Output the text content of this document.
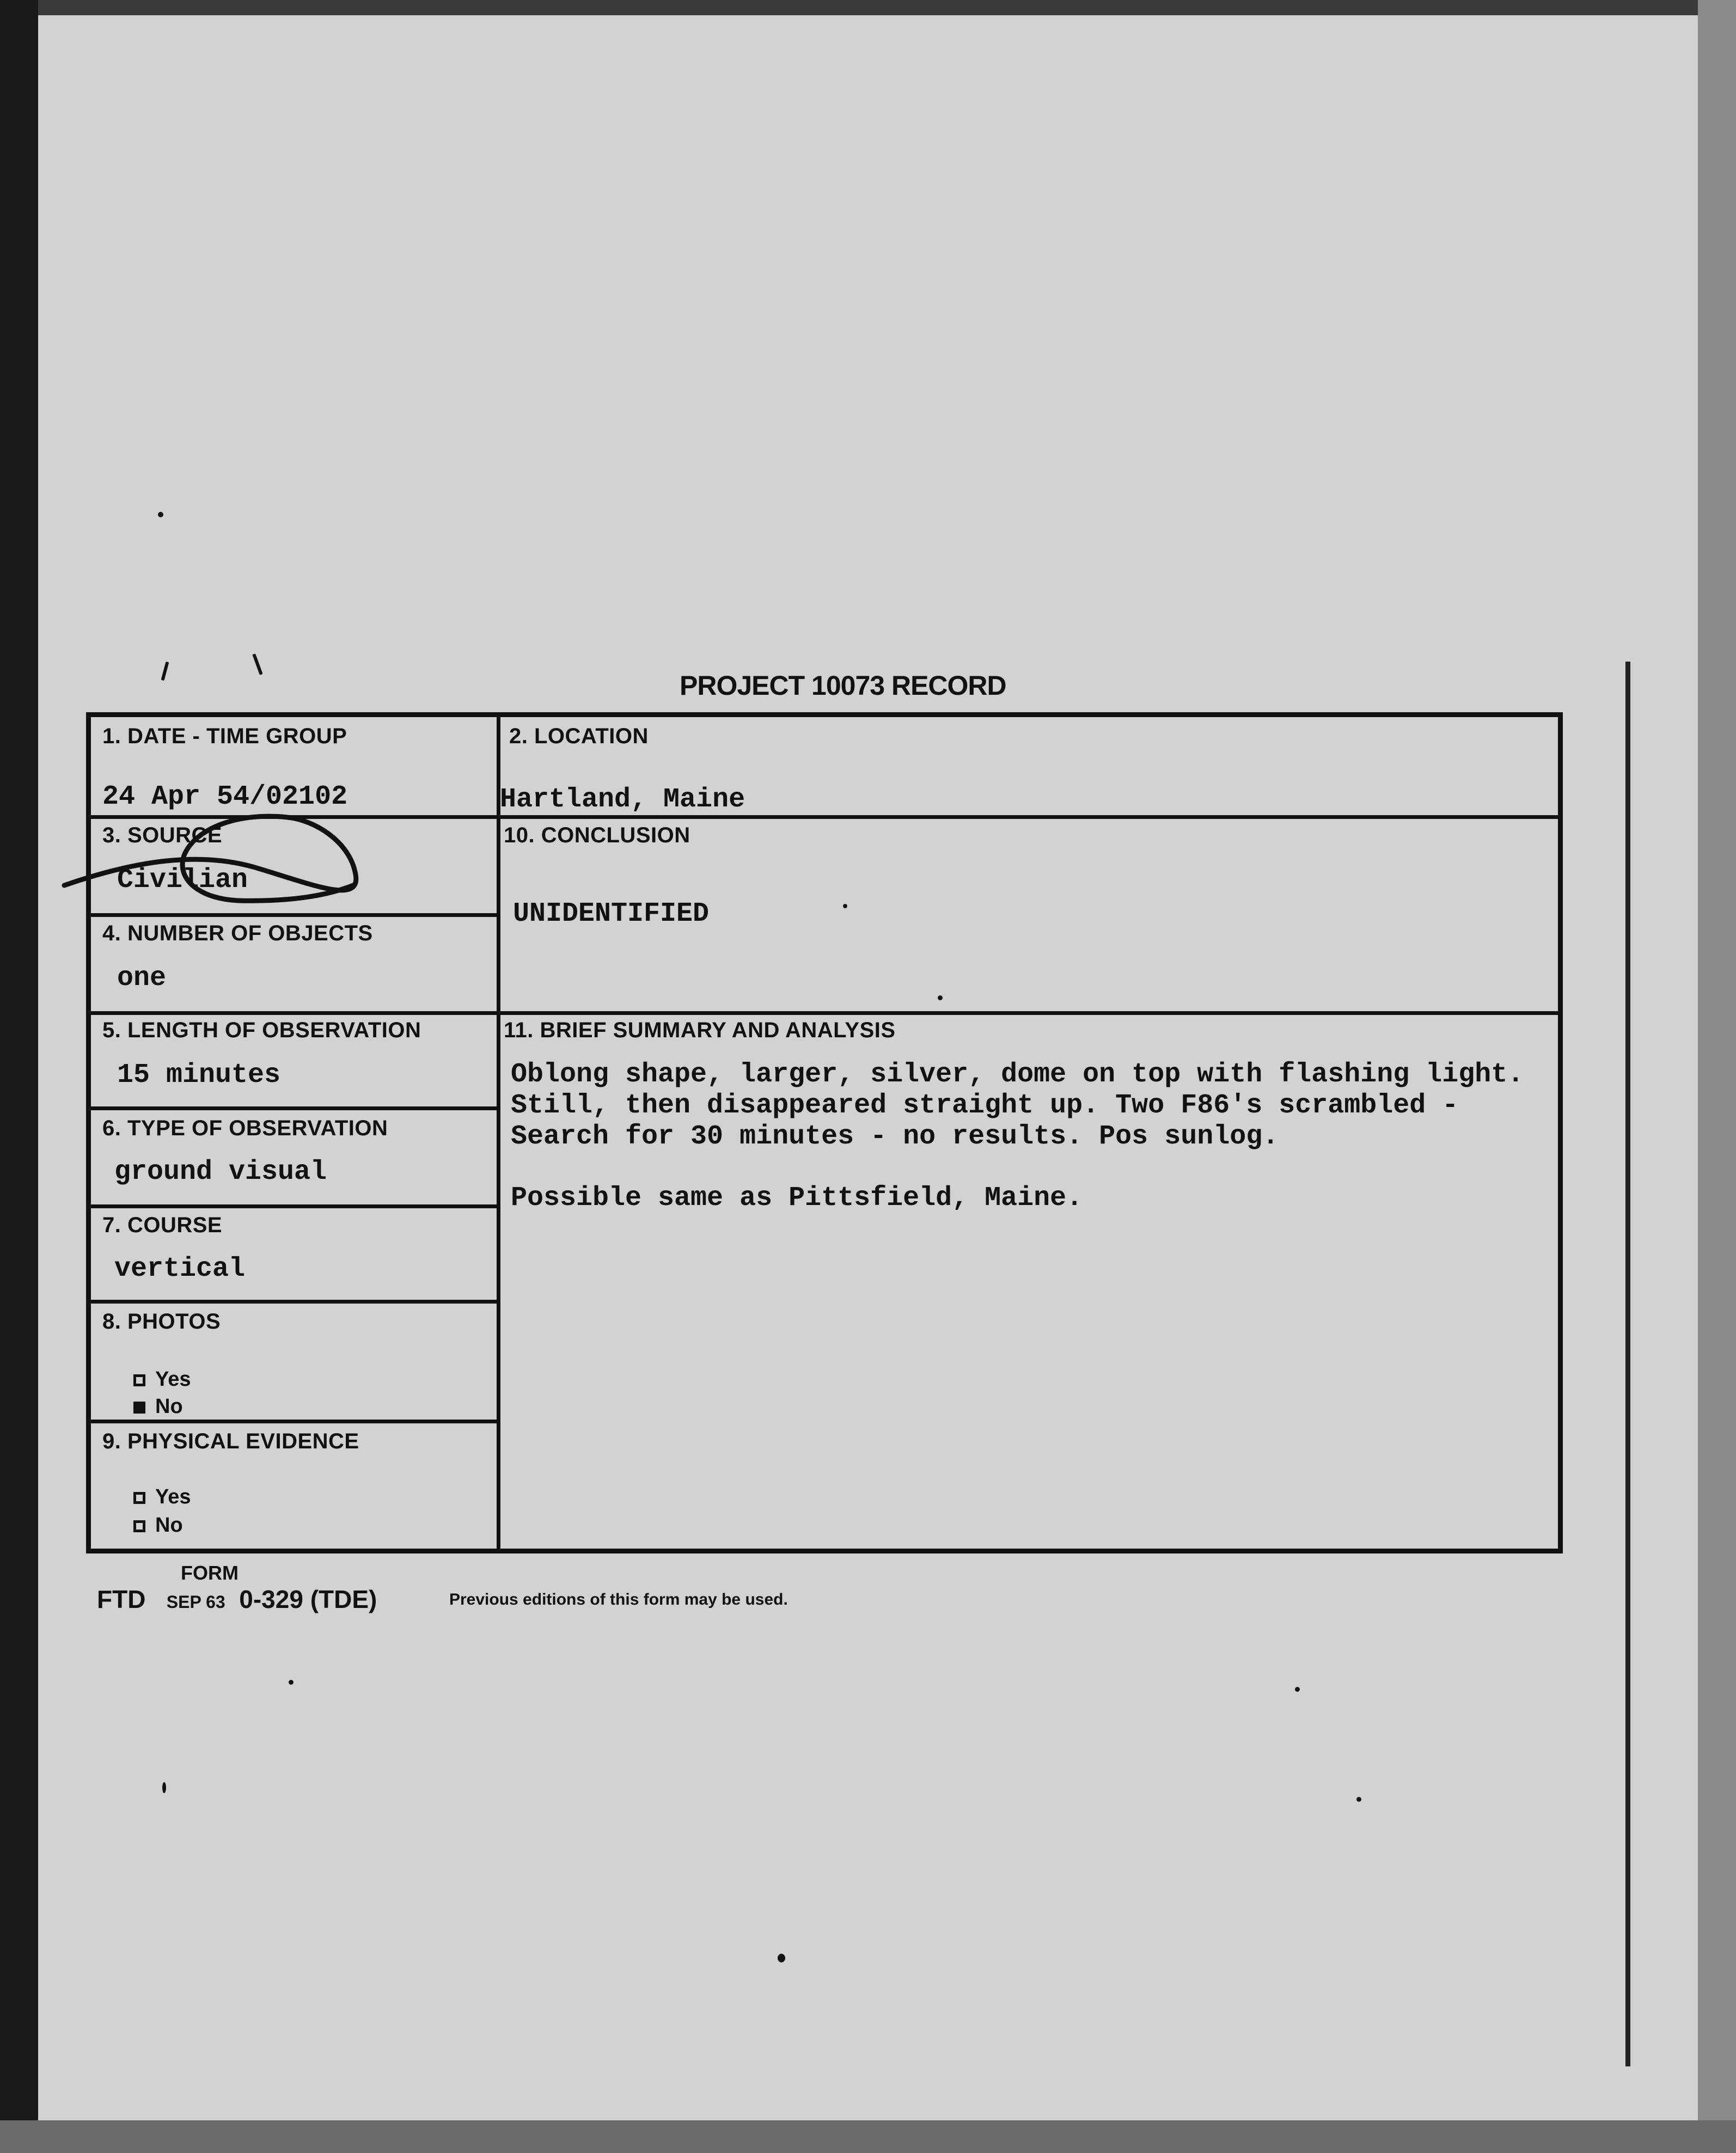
PROJECT 10073 RECORD
1. DATE - TIME GROUP
24 Apr 54/02102
3. SOURCE
Civilian
4. NUMBER OF OBJECTS
one
5. LENGTH OF OBSERVATION
15 minutes
6. TYPE OF OBSERVATION
ground visual
7. COURSE
vertical
8. PHOTOS
Yes
No
9. PHYSICAL EVIDENCE
Yes
No
2. LOCATION
Hartland, Maine
10. CONCLUSION
UNIDENTIFIED
11. BRIEF SUMMARY AND ANALYSIS

Oblong shape, larger, silver, dome on top with flashing light. Still, then disappeared straight up. Two F86's scrambled - Search for 30 minutes - no results. Pos sunlog.

Possible same as Pittsfield, Maine.

FORM
FTD SEP 63 0-329 (TDE)	Previous editions of this form may be used.
